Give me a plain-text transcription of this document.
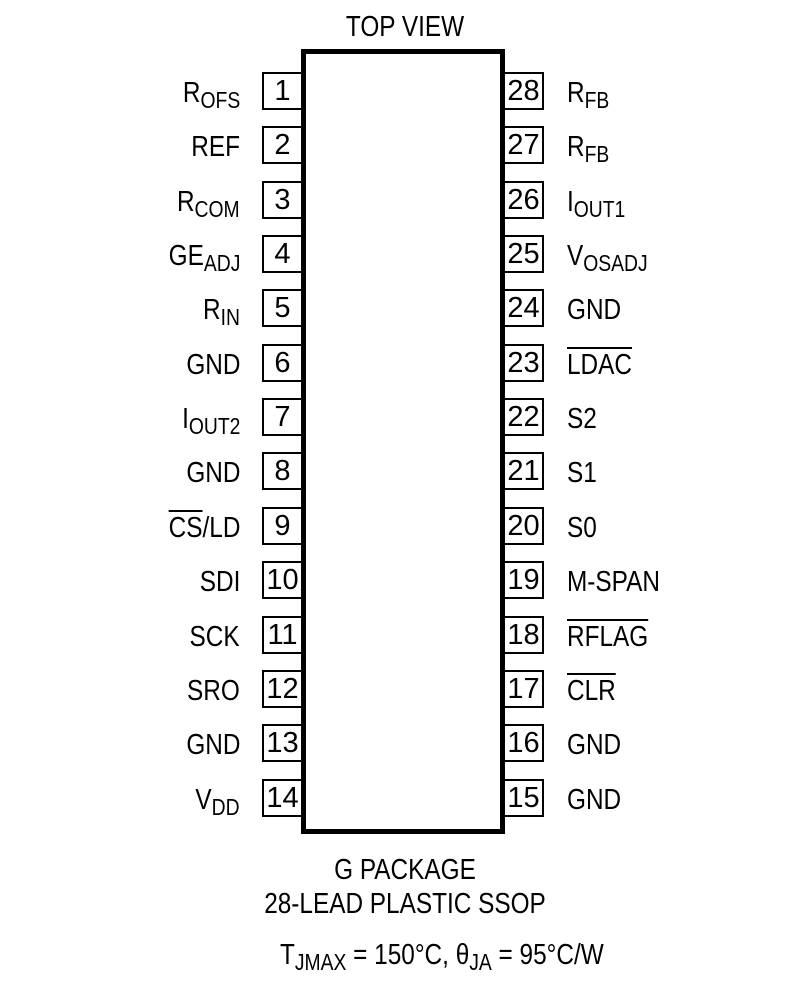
TOP VIEW
1
$R_{OFS}$
2
REF
3
$R_{COM}$
4
$GE_{ADJ}$
5
$R_{IN}$
6
GND
7
$I_{OUT2}$
8
GND
9
$\overline{CS}/LD$
10
SDI
11
SCK
12
SRO
13
GND
14
$V_{DD}$
28 $R_{FB}$
27 $R_{FB}$
26 $I_{OUT1}$
25 $V_{OSADJ}$
24 GND
23 LDAC
22 S2
21 S1
20 S0
19 M-SPAN
18 RFLAG
17 $\overline{CLR}$
16 GND
15 GND
G PACKAGE
28-LEAD PLASTIC SSOP
$T_{JMAX} = 150^\circ C$, $\theta_{JA} = 95^\circ C/W$
